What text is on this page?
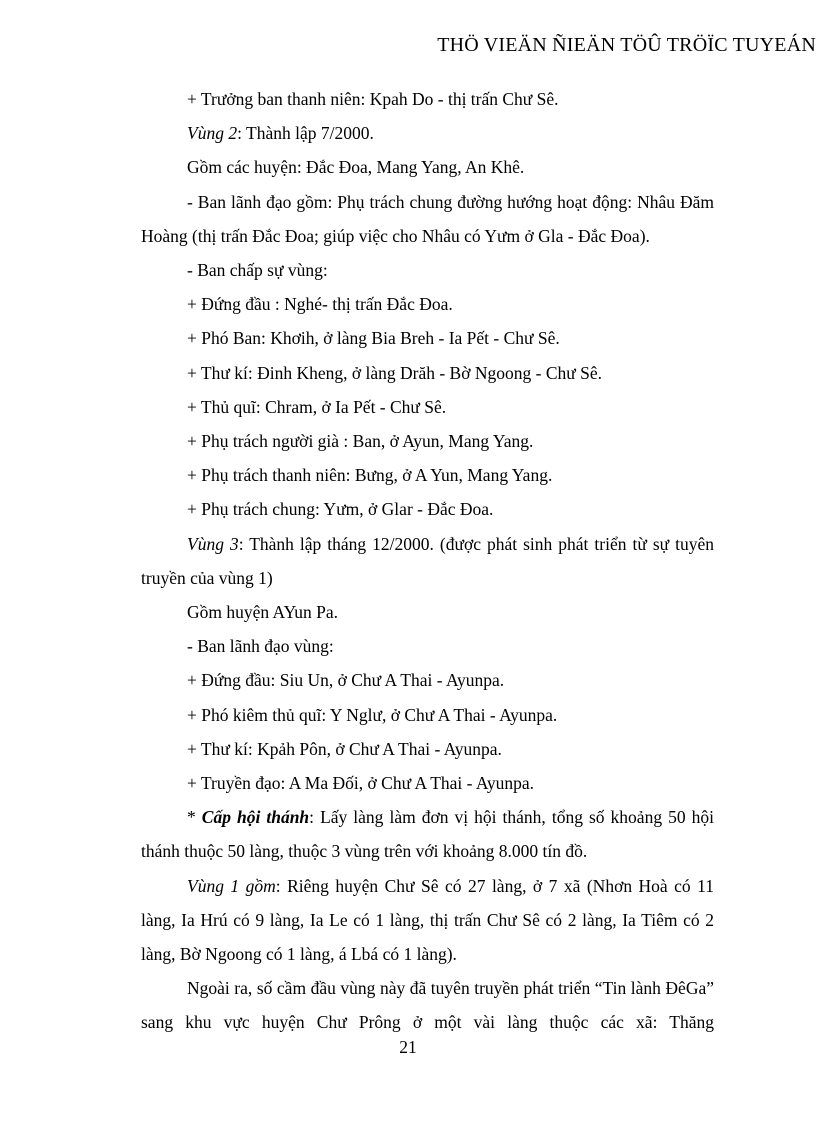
THÖ VIEÄN ÑIEÄN TÖÛ TRÖÏC TUYEÁN

+ Trưởng ban thanh niên: Kpah Do - thị trấn Chư Sê.

Vùng 2: Thành lập 7/2000.

Gồm các huyện: Đắc Đoa, Mang Yang, An Khê.

- Ban lãnh đạo gồm: Phụ trách chung đường hướng hoạt động: Nhâu Đăm Hoàng (thị trấn Đắc Đoa; giúp việc cho Nhâu có Yưm ở Gla - Đắc Đoa).

- Ban chấp sự vùng:

+ Đứng đầu : Nghé- thị trấn Đắc Đoa.

+ Phó Ban: Khơih, ở làng Bia Breh - Ia Pết - Chư Sê.

+ Thư kí: Đinh Kheng, ở làng Drăh - Bờ Ngoong - Chư Sê.

+ Thủ quĩ: Chram, ở Ia Pết - Chư Sê.

+ Phụ trách người già : Ban, ở Ayun, Mang Yang.

+ Phụ trách thanh niên: Bưng, ở A Yun, Mang Yang.

+ Phụ trách chung: Yưm, ở Glar - Đắc Đoa.

Vùng 3: Thành lập tháng 12/2000. (được phát sinh phát triển từ sự tuyên truyền của vùng 1)

Gồm huyện AYun Pa.

- Ban lãnh đạo vùng:

+ Đứng đầu: Siu Un, ở Chư A Thai - Ayunpa.

+ Phó kiêm thủ quĩ: Y Nglư, ở Chư A Thai - Ayunpa.

+ Thư kí: Kpảh Pôn, ở Chư A Thai - Ayunpa.

+ Truyền đạo: A Ma Đối, ở Chư A Thai - Ayunpa.

* Cấp hội thánh: Lấy làng làm đơn vị hội thánh, tổng số khoảng 50 hội thánh thuộc 50 làng, thuộc 3 vùng trên với khoảng 8.000 tín đồ.

Vùng 1 gồm: Riêng huyện Chư Sê có 27 làng, ở 7 xã (Nhơn Hoà có 11 làng, Ia Hrú có 9 làng, Ia Le có 1 làng, thị trấn Chư Sê có 2 làng, Ia Tiêm có 2 làng, Bờ Ngoong có 1 làng, á Lbá có 1 làng).

Ngoài ra, số cầm đầu vùng này đã tuyên truyền phát triển “Tin lành ĐêGa” sang khu vực huyện Chư Prông ở một vài làng thuộc các xã: Thăng

21
